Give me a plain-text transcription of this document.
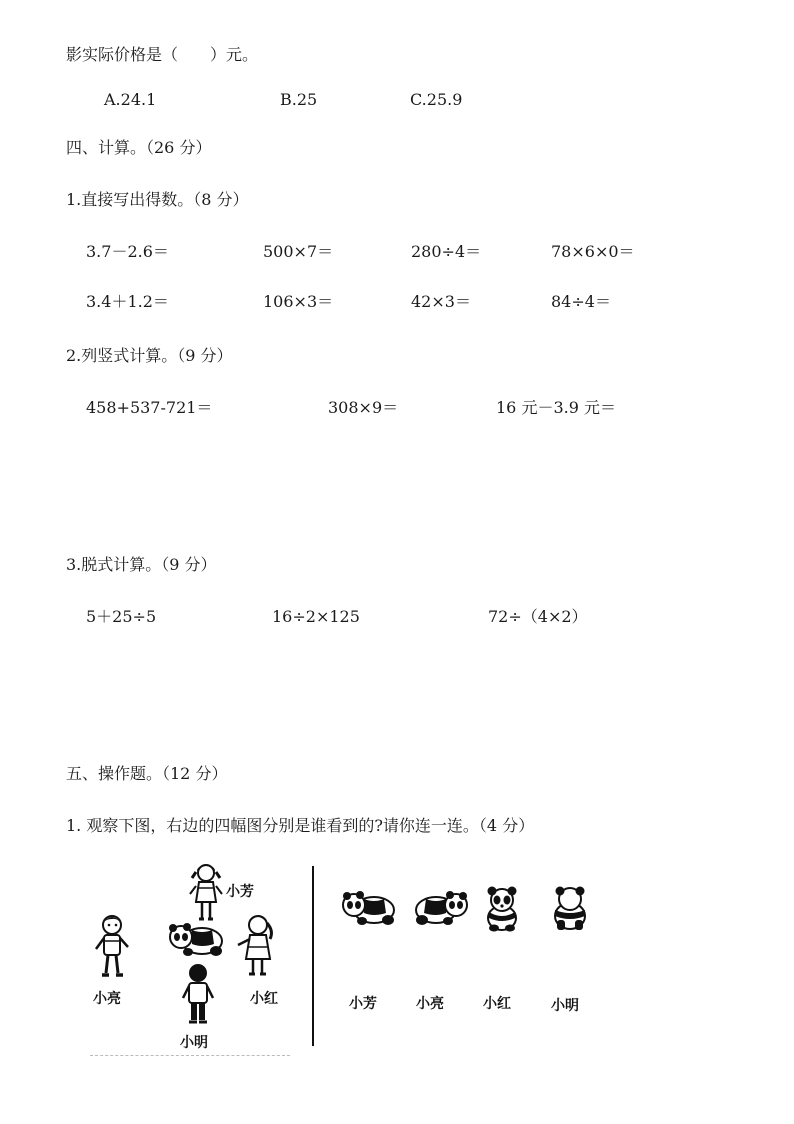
影实际价格是（　　）元。
A.24.1	B.25	C.25.9
四、计算。（26 分）
1.直接写出得数。（8 分）
3.7－2.6＝	500×7＝	280÷4＝	78×6×0＝
3.4＋1.2＝	106×3＝	42×3＝	84÷4＝
2.列竖式计算。（9 分）
458+537-721＝	308×9＝	16 元－3.9 元＝
3.脱式计算。（9 分）
5＋25÷5	16÷2×125	72÷（4×2）
五、操作题。（12 分）
1. 观察下图，右边的四幅图分别是谁看到的?请你连一连。（4 分）
小芳
小亮	小红
小明
小芳	小亮	小红	小明
